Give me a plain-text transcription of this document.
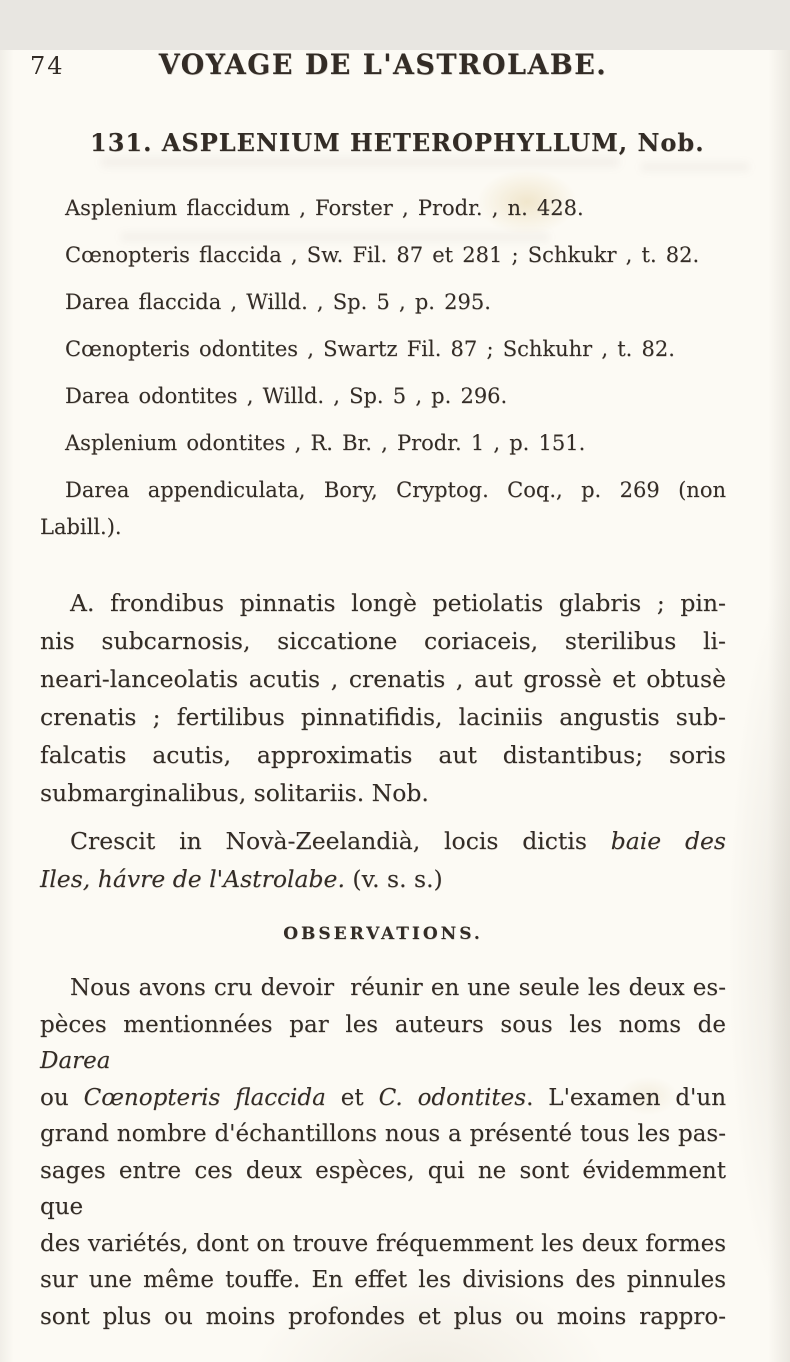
74	VOYAGE DE L'ASTROLABE.
131. ASPLENIUM HETEROPHYLLUM, Nob.
Asplenium flaccidum , Forster , Prodr. , n. 428.
Cœnopteris flaccida , Sw. Fil. 87 et 281 ; Schkukr , t. 82.
Darea flaccida , Willd. , Sp. 5 , p. 295.
Cœnopteris odontites , Swartz Fil. 87 ; Schkuhr , t. 82.
Darea odontites , Willd. , Sp. 5 , p. 296.
Asplenium odontites , R. Br. , Prodr. 1 , p. 151.
Darea appendiculata, Bory, Cryptog. Coq., p. 269 (non
Labill.).
A. frondibus pinnatis longè petiolatis glabris ; pin-
nis subcarnosis, siccatione coriaceis, sterilibus li-
neari-lanceolatis acutis , crenatis , aut grossè et obtusè
crenatis ; fertilibus pinnatifidis, laciniis angustis sub-
falcatis acutis, approximatis aut distantibus; soris
submarginalibus, solitariis. Nob.
Crescit in Novà-Zeelandià, locis dictis baie des
Iles, hávre de l'Astrolabe. (v. s. s.)
OBSERVATIONS.
Nous avons cru devoir  réunir en une seule les deux es-
pèces mentionnées par les auteurs sous les noms de Darea
ou Cœnopteris flaccida et C. odontites. L'examen d'un
grand nombre d'échantillons nous a présenté tous les pas-
sages entre ces deux espèces, qui ne sont évidemment que
des variétés, dont on trouve fréquemment les deux formes
sur une même touffe. En effet les divisions des pinnules
sont plus ou moins profondes et plus ou moins rappro-
